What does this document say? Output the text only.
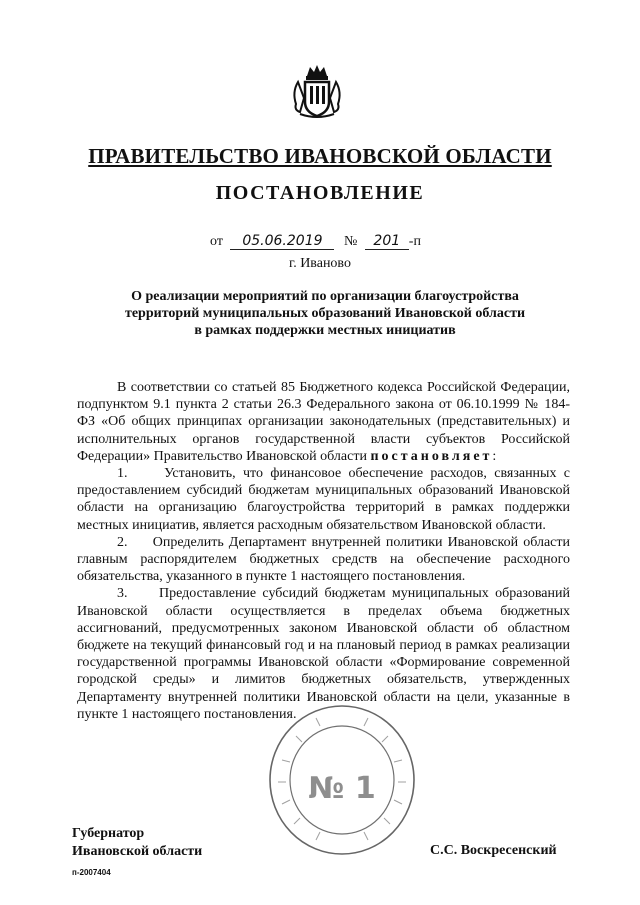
ПРАВИТЕЛЬСТВО ИВАНОВСКОЙ ОБЛАСТИ
ПОСТАНОВЛЕНИЕ
от 05.06.2019 № 201 -п
г. Иваново
О реализации мероприятий по организации благоустройства
территорий муниципальных образований Ивановской области
в рамках поддержки местных инициатив

В соответствии со статьей 85 Бюджетного кодекса Российской Федерации, подпунктом 9.1 пункта 2 статьи 26.3 Федерального закона от 06.10.1999 № 184-ФЗ «Об общих принципах организации законодательных (представительных) и исполнительных органов государственной власти субъектов Российской Федерации» Правительство Ивановской области постановляет:

1.     Установить, что финансовое обеспечение расходов, связанных с предоставлением субсидий бюджетам муниципальных образований Ивановской области на организацию благоустройства территорий в рамках поддержки местных инициатив, является расходным обязательством Ивановской области.

2.     Определить Департамент внутренней политики Ивановской области главным распорядителем бюджетных средств на обеспечение расходного обязательства, указанного в пункте 1 настоящего постановления.

3.     Предоставление субсидий бюджетам муниципальных образований Ивановской области осуществляется в пределах объема бюджетных ассигнований, предусмотренных законом Ивановской области об областном бюджете на текущий финансовый год и на плановый период в рамках реализации государственной программы Ивановской области «Формирование современной городской среды» и лимитов бюджетных обязательств, утвержденных Департаменту внутренней политики Ивановской области на цели, указанные в пункте 1 настоящего постановления.

№ 1
Губернатор
Ивановской области	С.С. Воскресенский
п-2007404
